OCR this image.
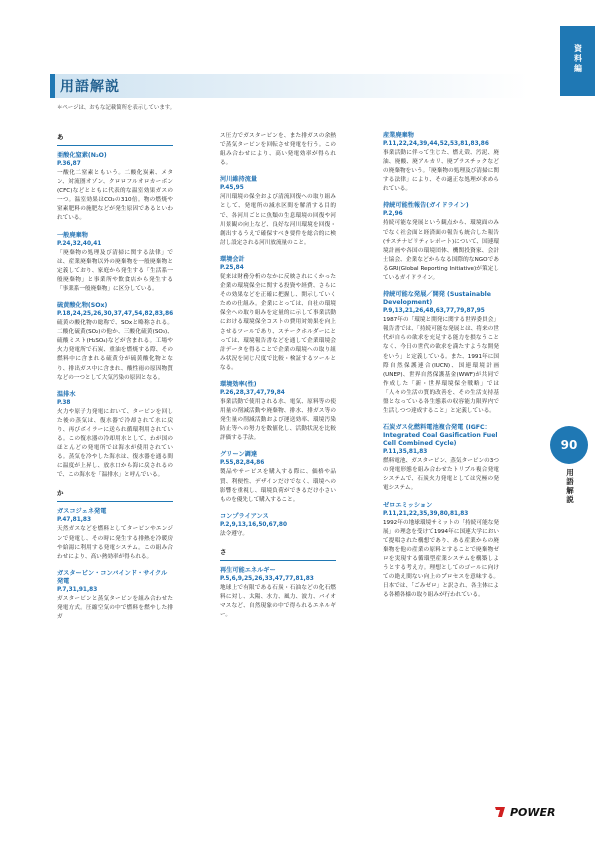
用語解説
＊ページは、おもな記載箇所を表示しています。
資料編
90
用語解説
あ
亜酸化窒素(N₂O)
P.36,87
一酸化二窒素ともいう。二酸化炭素、メタン、対流圏オゾン、クロロフルオロカーボン(CFC)などとともに代表的な温室効果ガスの一つ。温室効果はCO₂の310倍。物の燃焼や窒素肥料の施肥などが発生原因であるといわれている。
一般廃棄物
P.24,32,40,41
「廃棄物の処理及び清掃に関する法律」では、産業廃棄物以外の廃棄物を一般廃棄物と定義しており、家庭から発生する「生活系一般廃棄物」と事業所や飲食店から発生する「事業系一般廃棄物」に区分している。
硫黄酸化物(SOx)
P.18,24,25,26,30,37,47,54,82,83,86
硫黄の酸化物の総称で、SOxと略称される。二酸化硫黄(SO₂)の他か、三酸化硫黄(SO₃)、硫酸ミスト(H₂SO₄)などが含まれる。工場や火力発電所で石炭、重油を燃焼する際、その燃料中に含まれる硫黄分が硫黄酸化物となり、排出ガス中に含まれ、酸性雨の原因物質などの一つとして大気汚染の原因となる。
温排水
P.38
火力や原子力発電において、タービンを回した後の蒸気は、復水器で冷却されて水に戻り、再びボイラーに送られ循環利用されている。この復水器の冷却用水として、わが国のほとんどの発電所では海水が使用されている。蒸気を冷やした海水は、復水器を通る間に温度が上昇し、放水口から海に戻されるので、この海水を「温排水」と呼んでいる。
か
ガスコジェネ発電
P.47,81,83
天然ガスなどを燃料としてタービンやエンジンで発電し、その時に発生する排熱を冷暖房や給湯に利用する発電システム。この組み合わせにより、高い熱効率が得られる。
ガスタービン・コンバインド・サイクル発電
P.7,31,91,83
ガスタービンと蒸気タービンを組み合わせた発電方式。圧縮空気の中で燃料を燃やした排ガ
ス圧力でガスタービンを、また排ガスの余熱で蒸気タービンを回転させ発電を行う。この組み合わせにより、高い発電効率が得られる。
河川維持流量
P.45,95
河川環境の保全および清流回復への取り組みとして、発電所の減水区間を解消する目的で、各河川ごとに魚類の生息環境の回復や河川景観の向上など、良好な河川環境を回復・創出するうえで確保すべき要件を総合的に検討し設定される河川放流量のこと。
環境会計
P.25,84
従来は財務分析のなかに反映されにくかった企業の環境保全に関する投資や経費、さらにその効果などを正確に把握し、開示していくための仕組み。企業にとっては、自社の環境保全への取り組みを定量的に示して事業活動における環境保全コストの費用対効果を向上させるツールであり、ステークホルダーにとっては、環境報告書などを通して企業環境会計データを得ることで企業の環境への取り組み状況を同じ尺度で比較・検証するツールとなる。
環境効率(性)
P.26,28,37,47,79,84
事業活動で使用される水、電気、原料等の使用量の削減活動や廃棄物、排水、排ガス等の発生量の削減活動および運送効率、環境汚染防止等への努力を数値化し、活動状況を比較評価する手法。
グリーン調達
P.55,82,84,86
製品やサービスを購入する際に、価格や品質、利便性、デザインだけでなく、環境への影響を重視し、環境負荷ができるだけ小さいものを優先して購入すること。
コンプライアンス
P.2,9,13,16,50,67,80
法令遵守。
さ
再生可能エネルギー
P.5,6,9,25,26,33,47,77,81,83
地球上で有限である石炭・石油などの化石燃料に対し、太陽、水力、風力、波力、バイオマスなど、自然現象の中で得られるエネルギー。
産業廃棄物
P.11,22,24,39,44,52,53,81,83,86
事業活動に伴って生じた、燃え殻、汚泥、廃油、廃酸、廃アルカリ、廃プラスチックなどの廃棄物をいう。「廃棄物の処理及び清掃に関する法律」により、その適正な処理が求められている。
持続可能性報告(ガイドライン)
P.2,96
持続可能な発展という観点から、環境面のみでなく社会面と経済面の報告も統合した報告(サステナビリティレポート)について、国連環境計画や各国の環境団体、機関投資家、会計士協会、企業などからなる国際的なNGOであるGRI(Global Reporting Initiative)が策定しているガイドライン。
持続可能な発展／開発 (Sustainable Development)
P.9,13,21,26,48,63,77,79,87,95
1987年の「環境と開発に関する世界委員会」報告書では、「持続可能な発展とは、将来の世代が自らの欲求を充足する能力を損なうことなく、今日の世代の欲求を満たすような開発をいう」と定義している。また、1991年に国際自然保護連合(IUCN)、国連環境計画(UNEP)、世界自然保護基金(WWF)が共同で作成した「新・世界環境保全戦略」では「人々の生活の質的改善を、その生活支持基盤となっている各生態系の収容能力限界内で生活しつつ達成すること」と定義している。
石炭ガス化燃料電池複合発電 (IGFC：Integrated Coal Gasification Fuel Cell Combined Cycle)
P.11,35,81,83
燃料電池、ガスタービン、蒸気タービンの3つの発電形態を組み合わせたトリプル複合発電システムで、石炭火力発電としては究極の発電システム。
ゼロエミッション
P.11,21,22,35,39,80,81,83
1992年の地球環境サミットの「持続可能な発展」の理念を受けて1994年に国連大学において提唱された構想であり、ある産業からの廃棄物を他の産業の原料とすることで廃棄物ゼロを実現する循環型産業システムを構築しようとする考え方。理想としてのゴールに向けての絶え間ない向上のプロセスを意味する。日本では、「ごみゼロ」と訳され、各主体による各種各様の取り組みが行われている。
POWER
